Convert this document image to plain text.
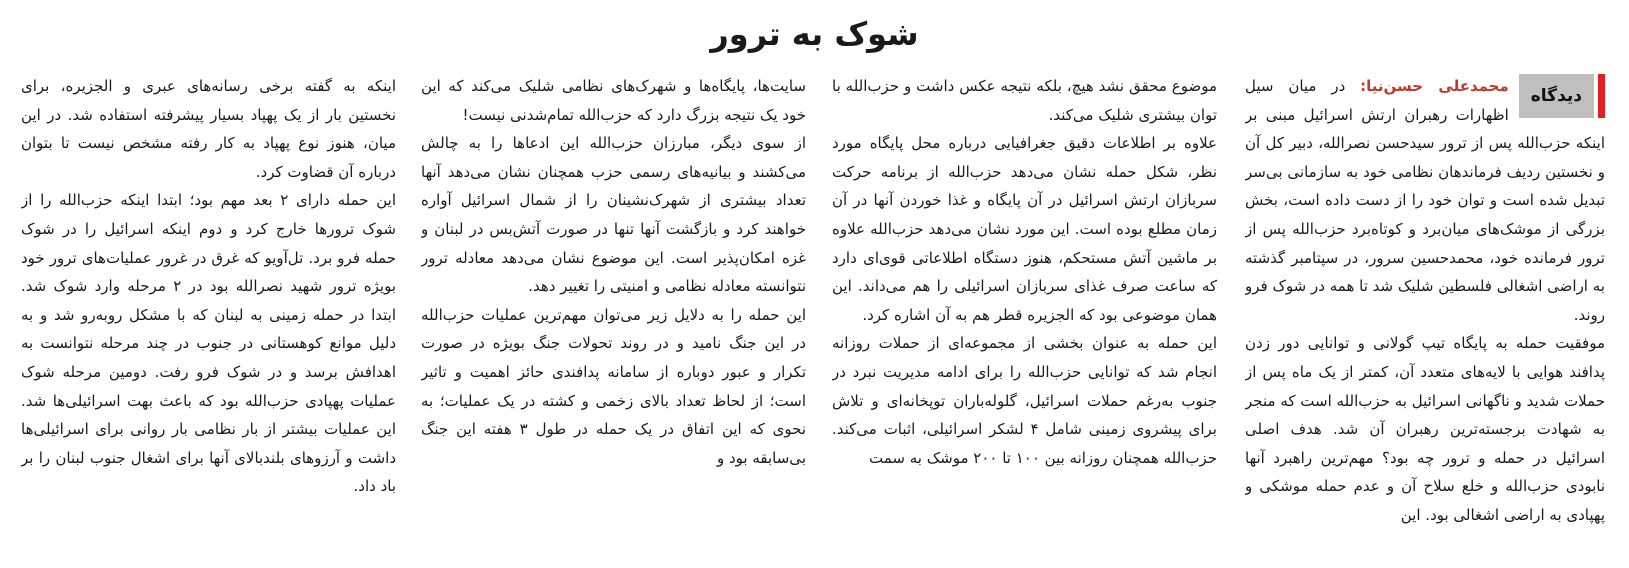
شوک به ترور
دیدگاه

محمدعلی حسن‌نیا: در میان سیل اظهارات رهبران ارتش اسرائیل مبنی بر اینکه حزب‌الله پس از ترور سیدحسن نصرالله، دبیر کل آن و نخستین ردیف فرماندهان نظامی خود به سازمانی بی‌سر تبدیل شده است و توان خود را از دست داده است، بخش بزرگی از موشک‌های میان‌برد و کوتاه‌برد حزب‌الله پس از ترور فرمانده خود، محمدحسین سرور، در سپتامبر گذشته به اراضی اشغالی فلسطین شلیک شد تا همه در شوک فرو روند.

موفقیت حمله به پایگاه تیپ گولانی و توانایی دور زدن پدافند هوایی با لایه‌های متعدد آن، کمتر از یک ماه پس از حملات شدید و ناگهانی اسرائیل به حزب‌الله است که منجر به شهادت برجسته‌ترین رهبران آن شد. هدف اصلی اسرائیل در حمله و ترور چه بود؟ مهم‌ترین راهبرد آنها نابودی حزب‌الله و خلع سلاح آن و عدم حمله موشکی و پهپادی به اراضی اشغالی بود. این

موضوع محقق نشد هیچ، بلکه نتیجه عکس داشت و حزب‌الله با توان بیشتری شلیک می‌کند.

علاوه بر اطلاعات دقیق جغرافیایی درباره محل پایگاه مورد نظر، شکل حمله نشان می‌دهد حزب‌الله از برنامه حرکت سربازان ارتش اسرائیل در آن پایگاه و غذا خوردن آنها در آن زمان مطلع بوده است. این مورد نشان می‌دهد حزب‌الله علاوه بر ماشین آتش مستحکم، هنوز دستگاه اطلاعاتی قوی‌ای دارد که ساعت صرف غذای سربازان اسرائیلی را هم می‌داند. این همان موضوعی بود که الجزیره قطر هم به آن اشاره کرد.

این حمله به عنوان بخشی از مجموعه‌ای از حملات روزانه انجام شد که توانایی حزب‌الله را برای ادامه مدیریت نبرد در جنوب به‌رغم حملات اسرائیل، گلوله‌باران توپخانه‌ای و تلاش برای پیشروی زمینی شامل ۴ لشکر اسرائیلی، اثبات می‌کند. حزب‌الله همچنان روزانه بین ۱۰۰ تا ۲۰۰ موشک به سمت

سایت‌ها، پایگاه‌ها و شهرک‌های نظامی شلیک می‌کند که این خود یک نتیجه بزرگ دارد که حزب‌الله تمام‌شدنی نیست!

از سوی دیگر، مبارزان حزب‌الله این ادعاها را به چالش می‌کشند و بیانیه‌های رسمی حزب همچنان نشان می‌دهد آنها تعداد بیشتری از شهرک‌نشینان را از شمال اسرائیل آواره خواهند کرد و بازگشت آنها تنها در صورت آتش‌بس در لبنان و غزه امکان‌پذیر است. این موضوع نشان می‌دهد معادله ترور نتوانسته معادله نظامی و امنیتی را تغییر دهد.

این حمله را به دلایل زیر می‌توان مهم‌ترین عملیات حزب‌الله در این جنگ نامید و در روند تحولات جنگ بویژه در صورت تکرار و عبور دوباره از سامانه پدافندی حائز اهمیت و تاثیر است؛ از لحاظ تعداد بالای زخمی و کشته در یک عملیات؛ به نحوی که این اتفاق در یک حمله در طول ۳ هفته این جنگ بی‌سابقه بود و

اینکه به گفته برخی رسانه‌های عبری و الجزیره، برای نخستین بار از یک پهپاد بسیار پیشرفته استفاده شد. در این میان، هنوز نوع پهپاد به کار رفته مشخص نیست تا بتوان درباره آن قضاوت کرد.

این حمله دارای ۲ بعد مهم بود؛ ابتدا اینکه حزب‌الله را از شوک ترورها خارج کرد و دوم اینکه اسرائیل را در شوک حمله فرو برد. تل‌آویو که غرق در غرور عملیات‌های ترور خود بویژه ترور شهید نصرالله بود در ۲ مرحله وارد شوک شد. ابتدا در حمله زمینی به لبنان که با مشکل روبه‌رو شد و به دلیل موانع کوهستانی در جنوب در چند مرحله نتوانست به اهدافش برسد و در شوک فرو رفت. دومین مرحله شوک عملیات پهپادی حزب‌الله بود که باعث بهت اسرائیلی‌ها شد. این عملیات بیشتر از بار نظامی بار روانی برای اسرائیلی‌ها داشت و آرزوهای بلندبالای آنها برای اشغال جنوب لبنان را بر باد داد.
